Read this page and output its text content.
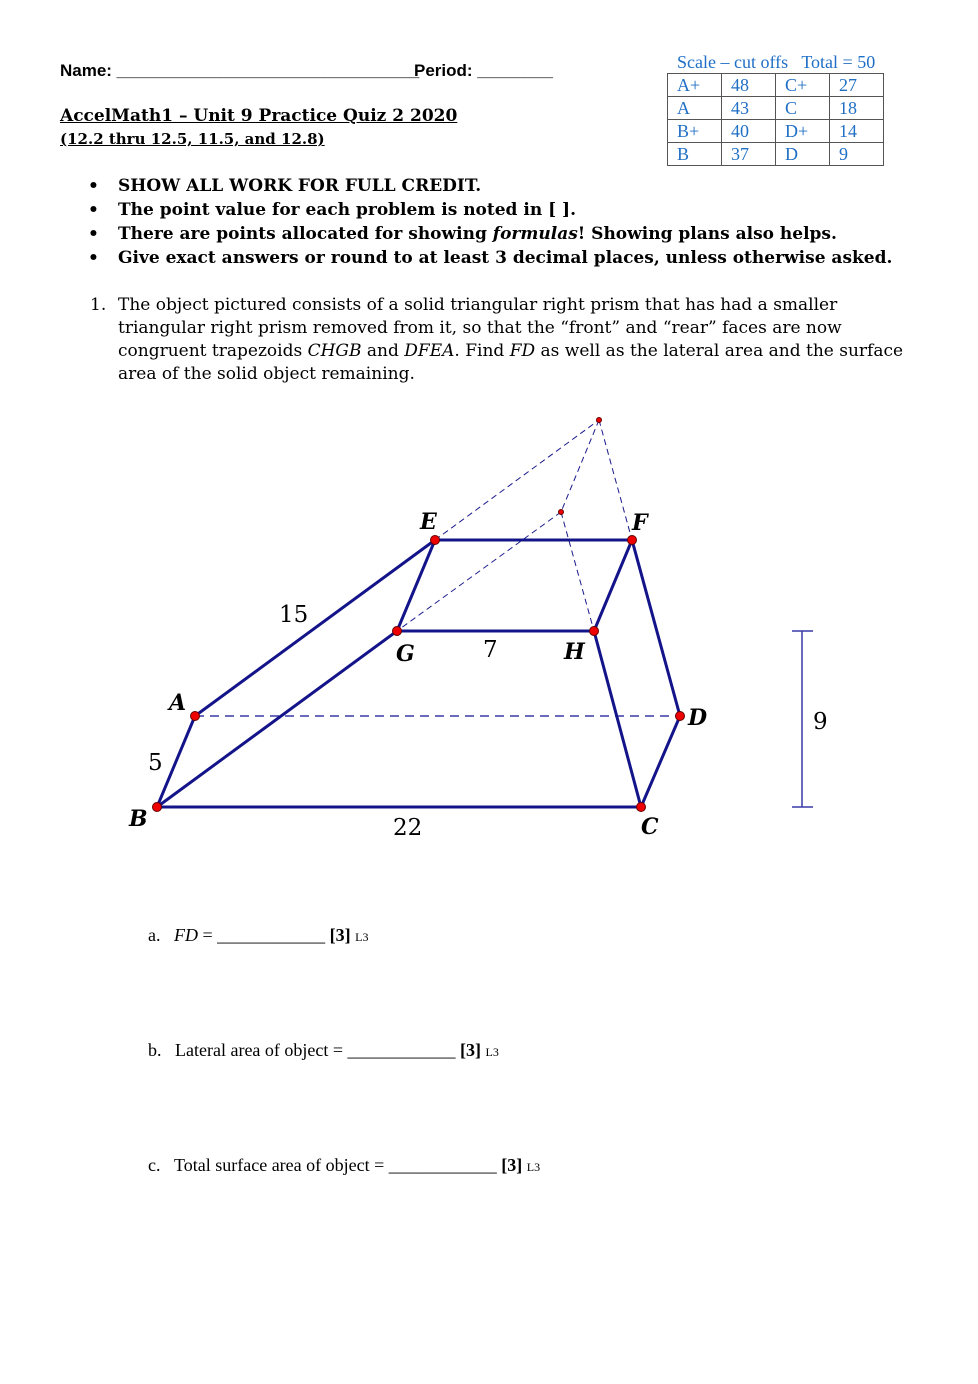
Name: ________________________________
Period: ________
AccelMath1 – Unit 9 Practice Quiz 2 2020
(12.2 thru 12.5, 11.5, and 12.8)
Scale – cut offs   Total = 50
A+	48	C+	27
A	43	C	18
B+	40	D+	14
B	37	D	9
• SHOW ALL WORK FOR FULL CREDIT.
• The point value for each problem is noted in [ ].
• There are points allocated for showing formulas! Showing plans also helps.
• Give exact answers or round to at least 3 decimal places, unless otherwise asked.
1. The object pictured consists of a solid triangular right prism that has had a smaller triangular right prism removed from it, so that the “front” and “rear” faces are now congruent trapezoids CHGB and DFEA. Find FD as well as the lateral area and the surface area of the solid object remaining.
E	F
G	H
A
D
B	C
15
5
7
22
9
a. FD = ____________ [3] L3
b. Lateral area of object = ____________ [3] L3
c. Total surface area of object = ____________ [3] L3
